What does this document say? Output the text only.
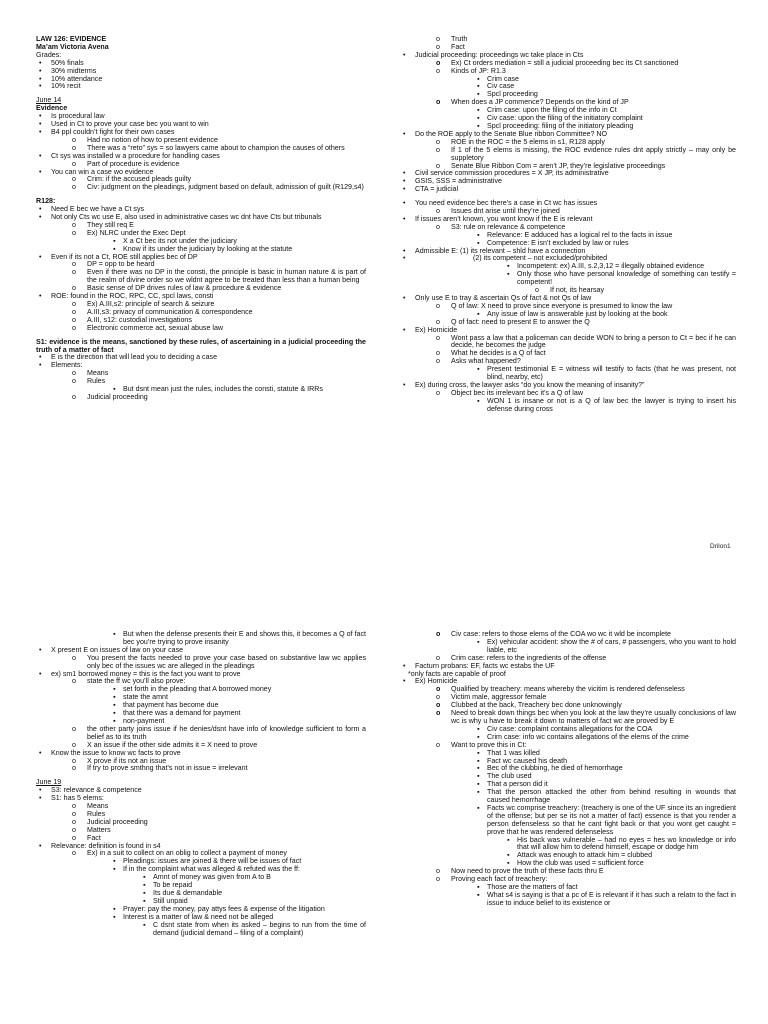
LAW 126: EVIDENCE
Ma’am Victoria Avena
Grades:
• 50% finals
• 30% midterms
• 10% attendance
• 10% recit
June 14
Evidence
• Is procedural law
• Used in Ct to prove your case bec you want to win
• B4 ppl couldn’t fight for their own cases
o Had no notion of how to present evidence
o There was a “reto” sys = so lawyers came about to champion the causes of others
• Ct sys was installed w a procedure for handling cases
o Part of procedure is evidence
• You can win a case wo evidence
o Crim: if the accused pleads guilty
o Civ: judgment on the pleadings, judgment based on default, admission of guilt (R129,s4)
R128:
• Need E bec we have a Ct sys
• Not only Cts wc use E, also used in administrative cases wc dnt have Cts but tribunals
o They still req E
o Ex) NLRC under the Exec Dept
▪ X a Ct bec its not under the judiciary
▪ Know if its under the judiciary by looking at the statute
• Even if its not a Ct, ROE still applies bec of DP
o DP = opp to be heard
o Even if there was no DP in the consti, the principle is basic in human nature & is part of the realm of divine order so we wldnt agree to be treated than less than a human being
o Basic sense of DP drives rules of law & procedure & evidence
• ROE: found in the ROC, RPC, CC, spcl laws, consti
o Ex) A.III,s2: principle of search & seizure
o A.III,s3: privacy of communication & correspondence
o A.III, s12: custodial investigations
o Electronic commerce act, sexual abuse law
S1: evidence is the means, sanctioned by these rules, of ascertaining in a judicial proceeding the truth of a matter of fact
• E is the direction that will lead you to deciding a case
• Elements:
o Means
o Rules
▪ But dsnt mean just the rules, includes the consti, statute & IRRs
o Judicial proceeding
o Truth
o Fact
• Judicial proceeding: proceedings wc take place in Cts
o Ex) Ct orders mediation = still a judicial proceeding bec its Ct sanctioned
o Kinds of JP: R1.3
▪ Crim case
▪ Civ case
▪ Spcl proceeding
o When does a JP commence? Depends on the kind of JP
▪ Crim case: upon the filing of the info in Ct
▪ Civ case: upon the filing of the initiatory complaint
▪ Spcl proceeding: filing of the initiatory pleading
• Do the ROE apply to the Senate Blue ribbon Committee? NO
o ROE in the ROC = the 5 elems in s1, R128 apply
o If 1 of the 5 elems is missing, the ROC evidence rules dnt apply strictly – may only be suppletory
o Senate Blue Ribbon Com = aren’t JP, they’re legislative proceedings
• Civil service commission procedures = X JP, its administrative
• GSIS, SSS = administrative
• CTA = judicial
• You need evidence bec there’s a case in Ct wc has issues
o Issues dnt arise until they’re joined
• If issues aren’t known, you wont know if the E is relevant
o S3: rule on relevance & competence
▪ Relevance: E adduced has a logical rel to the facts in issue
▪ Competence: E isn’t excluded by law or rules
• Admissible E: (1) its relevant – shld have a connection
•	(2) its competent – not excluded/prohibited
▪ Incompetent: ex) A.III, s.2,3,12 = illegally obtained evidence
▪ Only those who have personal knowledge of something can testify = competent!
o If not, its hearsay
• Only use E to tray & ascertain Qs of fact & not Qs of law
o Q of law: X need to prove since everyone is presumed to know the law
▪ Any issue of law is answerable just by looking at the book
o Q of fact: need to present E to answer the Q
• Ex) Homicide
o Wont pass a law that a policeman can decide WON to bring a person to Ct = bec if he can decide, he becomes the judge
o What he decides is a Q of fact
o Asks what happened?
▪ Present testimonial E = witness will testify to facts (that he was present, not blind, nearby, etc)
• Ex) during cross, the lawyer asks “do you know the meaning of insanity?”
o Object bec its irrelevant bec it’s a Q of law
▪ WON 1 is insane or not is a Q of law bec the lawyer is trying to insert his defense during cross
Drilon1
▪ But when the defense presents their E and shows this, it becomes a Q of fact bec you’re trying to prove insanity
• X present E on issues of law on your case
o You present the facts needed to prove your case based on substantive law wc applies only bec of the issues wc are alleged in the pleadings
• ex) sm1 borrowed money = this is the fact you want to prove
o state the ff wc you’ll also prove:
▪ set forth in the pleading that A borrowed money
▪ state the amnt
▪ that payment has become due
▪ that there was a demand for payment
▪ non-payment
o the other party joins issue if he denies/dsnt have info of knowledge sufficient to form a belief as to its truth
o X an issue if the other side admits it = X need to prove
• Know the issue to know wc facts to prove
o X prove if its not an issue
o If try to prove smthng that’s not in issue = irrelevant
June 19
• S3: relevance & competence
• S1: has 5 elems:
o Means
o Rules
o Judicial proceeding
o Matters
o Fact
• Relevance: definition is found in s4
o Ex) in a suit to collect on an oblig to collect a payment of money
▪ Pleadings: issues are joined & there will be issues of fact
▪ If in the complaint what was alleged & refuted was the ff:
▪ Amnt of money was given from A to B
▪ To be repaid
▪ Its due & demandable
▪ Still unpaid
▪ Prayer: pay the money, pay attys fees & expense of the litigation
▪ Interest is a matter of law & need not be alleged
▪ C dsnt state from when its asked – begins to run from the time of demand (judicial demand – filing of a complaint)
o Civ case: refers to those elems of the COA wo wc it wld be incomplete
▪ Ex) vehicular accident: show the # of cars, # passengers, who you want to hold liable, etc
o Crim case: refers to the ingredients of the offense
• Facturn probans: EF, facts wc estabs the UF
*only facts are capable of proof
• Ex) Homicide
o Qualified by treachery: means whereby the vicitim is rendered defenseless
o Victim male, aggressor female
o Clubbed at the back, Treachery bec done unknowingly
o Need to break down things bec when you look at the law they’re usually conclusions of law wc is why u have to break it down to matters of fact wc are proved by E
▪ Civ case: complaint contains allegations for the COA
▪ Crim case: info wc contains allegations of the elems of the crime
o Want to prove this in Ct:
▪ That 1 was killed
▪ Fact wc caused his death
▪ Bec of the clubbing, he died of hemorrhage
▪ The club used
▪ That a person did it
▪ That the person attacked the other from behind resulting in wounds that caused hemorrhage
▪ Facts wc comprise treachery: (treachery is one of the UF since its an ingredient of the offense; but per se its not a matter of fact) essence is that you render a person defenseless so that he cant fight back or that you wont get caught = prove that he was rendered defenseless
▪ His back was vulnerable – had no eyes = hes wo knowledge or info that will allow him to defend himself, escape or dodge him
▪ Attack was enough to attack him = clubbed
▪ How the club was used = sufficient force
o Now need to prove the truth of these facts thru E
o Proving each fact of treachery:
▪ Those are the matters of fact
▪ What s4 is saying is that a pc of E is relevant if it has such a relatn to the fact in issue to induce belief to its existence or
